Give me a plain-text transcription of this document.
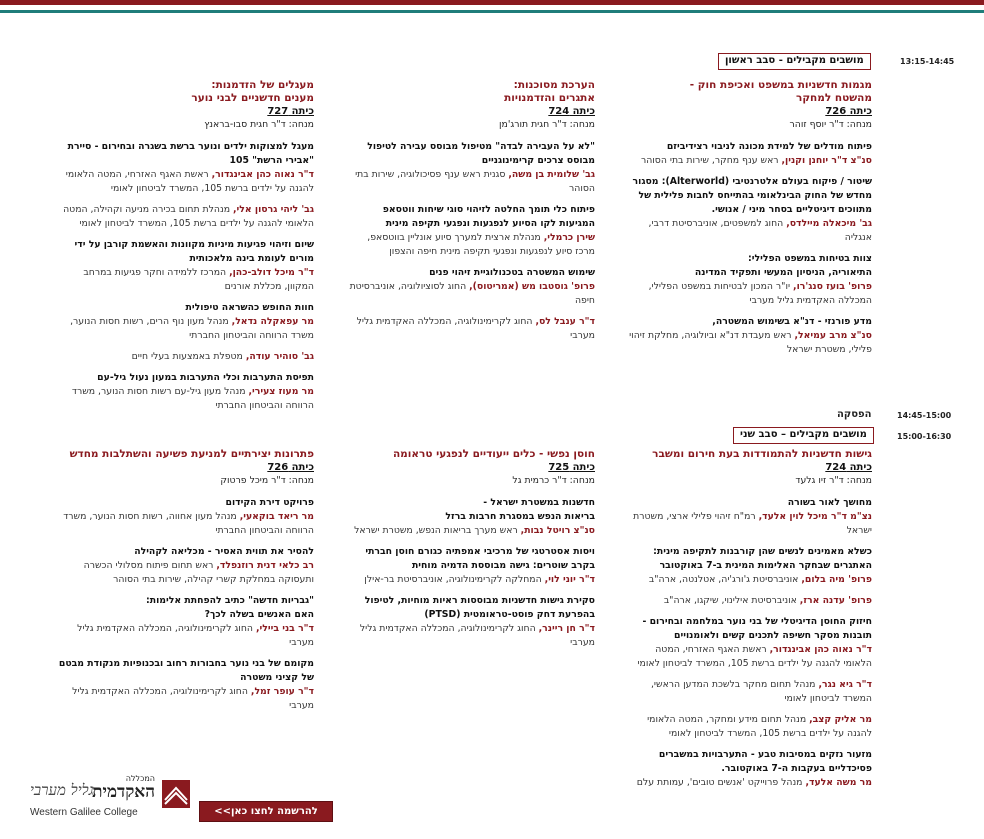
13:15-14:45
מושבים מקבילים - סבב ראשון
מגמות חדשניות במשפט ואכיפת חוק -
מהשטח למחקר
כיתה 726
מנחה: ד"ר יוסף זוהר
פיתוח מודלים של למידת מכונה לניבוי רצידיביזם
סנ"צ ד"ר יוחנן וקנין, ראש ענף מחקר, שירות בתי הסוהר
שיטור / פיקוח בעולם אלטרנטיבי (Alterworld): מסגור מחדש של החוק הבינלאומי בהתייחס לחבות פלילית של מתווכים דיגיטליים בסחר מיני / אנושי.
גב' מיכאלה מיילדס, החוג למשפטים, אוניברסיטת דרבי, אנגליה
צוות בטיחות במשפט הפלילי:
התיאוריה, הניסיון המעשי ותפקיד המדינה
פרופ' בועז סנג'רו, יו"ר המכון לבטיחות במשפט הפלילי, המכללה האקדמית גליל מערבי
מדע פורנזי - דנ"א בשימוש המשטרה,
סנ"צ מרב עמיאל, ראש מעבדת דנ"א וביולוגיה, מחלקת זיהוי פלילי, משטרת ישראל
הערכת מסוכנות:
אתגרים והזדמנויות
כיתה 724
מנחה: ד"ר חגית תורג'מן
"לא על העבירה לבדה" מטיפול מבוסס עבירה לטיפול מבוסס צרכים קרימינוגניים
גב' שלומית בן משה, סגנית ראש ענף פסיכולוגיה, שירות בתי הסוהר
פיתוח כלי תומך החלטה לזיהוי סוגי שיחות ווטסאפ המגיעות לקו הסיוע לנפגעות ונפגעי תקיפה מינית
שירן כרמלי, מנהלת ארצית למערך סיוע אונליין בווטסאפ, מרכז סיוע לנפגעות ונפגעי תקיפה מינית חיפה והצפון
שימוש המשטרה בטכנולוגיית זיהוי פנים
פרופ' גוסטבו מש (אמריטוס), החוג לסוציולוגיה, אוניברסיטת חיפה
ד"ר ענבל לס, החוג לקרימינולוגיה, המכללה האקדמית גליל מערבי
מעגלים של הזדמנות:
מענים חדשניים לבני נוער
כיתה 727
מנחה: ד"ר חגית סבו-בראנץ
מעגל למצוקות ילדים ונוער ברשת בשגרה ובחירום - סיירת "אבירי הרשת" 105
ד"ר נאוה כהן אבינגדור, ראשת האגף האזרחי, המטה הלאומי להגנה על ילדים ברשת 105, המשרד לביטחון לאומי
גב' ליהי גרסון אלי, מנהלת תחום בכירה מניעה וקהילה, המטה הלאומי להגנה על ילדים ברשת 105, המשרד לביטחון לאומי
שיום וזיהוי פגיעות מיניות מקוונות והאשמת קורבן על ידי מורים לעומת בינה מלאכותית
ד"ר מיכל דולב-כהן, המרכז ללמידה וחקר פגיעות במרחב המקוון, מכללת אורנים
חוות החופש כהשראה טיפולית
מר עפאקלה נדאל, מנהל מעון נוף הרים, רשות חסות הנוער, משרד הרווחה והביטחון החברתי
גב' סוהיר עודה, מטפלת באמצעות בעלי חיים
תפיסת התערבות וכלי התערבות במעון נעול גיל-עם
מר מעוז צעירי, מנהל מעון גיל-עם רשות חסות הנוער, משרד הרווחה והביטחון החברתי
14:45-15:00
הפסקה
15:00-16:30
מושבים מקבילים – סבב שני
גישות חדשניות להתמודדות בעת חירום ומשבר
כיתה 724
מנחה: ד"ר זיו גלעד
מחושך לאור בשורה
נצ"מ ד"ר מיכל לוין אלעד, רמ"ח זיהוי פלילי ארצי, משטרת ישראל
כשלא מאמינים לנשים שהן קורבנות לתקיפה מינית: האתגרים שבחקר האלימות המינית ב-7 באוקטובר
פרופ' מיה בלום, אוניברסיטת ג'ורג'יה, אטלנטה, ארה"ב
פרופ' עדנה ארז, אוניברסיטת אילינוי, שיקגו, ארה"ב
חיזוק החוסן הדיגיטלי של בני נוער במלחמה ובחירום - תובנות מסקר חשיפה לתכנים קשים ולאומנויים
ד"ר נאוה כהן אבינגדור, ראשת האגף האזרחי, המטה הלאומי להגנה על ילדים ברשת 105, המשרד לביטחון לאומי
ד"ר גיא נגר, מנהל תחום מחקר בלשכת המדען הראשי, המשרד לביטחון לאומי
מר אליק קצב, מנהל תחום מידע ומחקר, המטה הלאומי להגנה על ילדים ברשת 105, המשרד לביטחון לאומי
מזעור נזקים במסיבות טבע - התערבויות במשברים פסיכדליים בעקבות ה-7 באוקטובר.
מר משה אלעד, מנהל פרוייקט 'אנשים טובים', עמותת עלם
חוסן נפשי - כלים ייעודיים לנפגעי טראומה
כיתה 725
מנחה: ד"ר כרמית גל
חדשנות במשטרת ישראל -
בריאות הנפש במסגרת חרבות ברזל
סנ"צ רויטל נבות, ראש מערך בריאות הנפש, משטרת ישראל
ויסות אסטרטגי של מרכיבי אמפתיה כגורם חוסן חברתי בקרב שוטרים: גישה מבוססת הדמיה מוחית
ד"ר יוני לוי, המחלקה לקרימינולוגיה, אוניברסיטת בר-אילן
סקירת גישות חדשניות מבוססות ראיות מוחיות, לטיפול בהפרעת דחק פוסט-טראומטית (PTSD)
ד"ר חן ריינר, החוג לקרימינולוגיה, המכללה האקדמית גליל מערבי
פתרונות יצירתיים למניעת פשיעה והשתלבות מחדש
כיתה 726
מנחה: ד"ר מיכל פרטוק
פרויקט דירת הקידום
מר ריאד בוקאעי, מנהל מעון אחווה, רשות חסות הנוער, משרד הרווחה והביטחון החברתי
להסיר את תווית האסיר - מכליאה לקהילה
רב כלאי דנית רוזנפלד, ראש תחום פיתוח מסלולי הכשרה ותעסוקה במחלקת קשרי קהילה, שירות בתי הסוהר
"גבריות חדשה" כתיב להפחתת אלימות:
האם האנשים בשלה לכך?
ד"ר בני ביילי, החוג לקרימינולוגיה, המכללה האקדמית גליל מערבי
מקומם של בני נוער בחבורות רחוב ובכנופיות מנקודת מבטם של קציני משטרה
ד"ר עופר זמל, החוג לקרימינולוגיה, המכללה האקדמית גליל מערבי
המכללה
האקדמית
גליל מערבי
Western Galilee College	להרשמה לחצו כאן>>
